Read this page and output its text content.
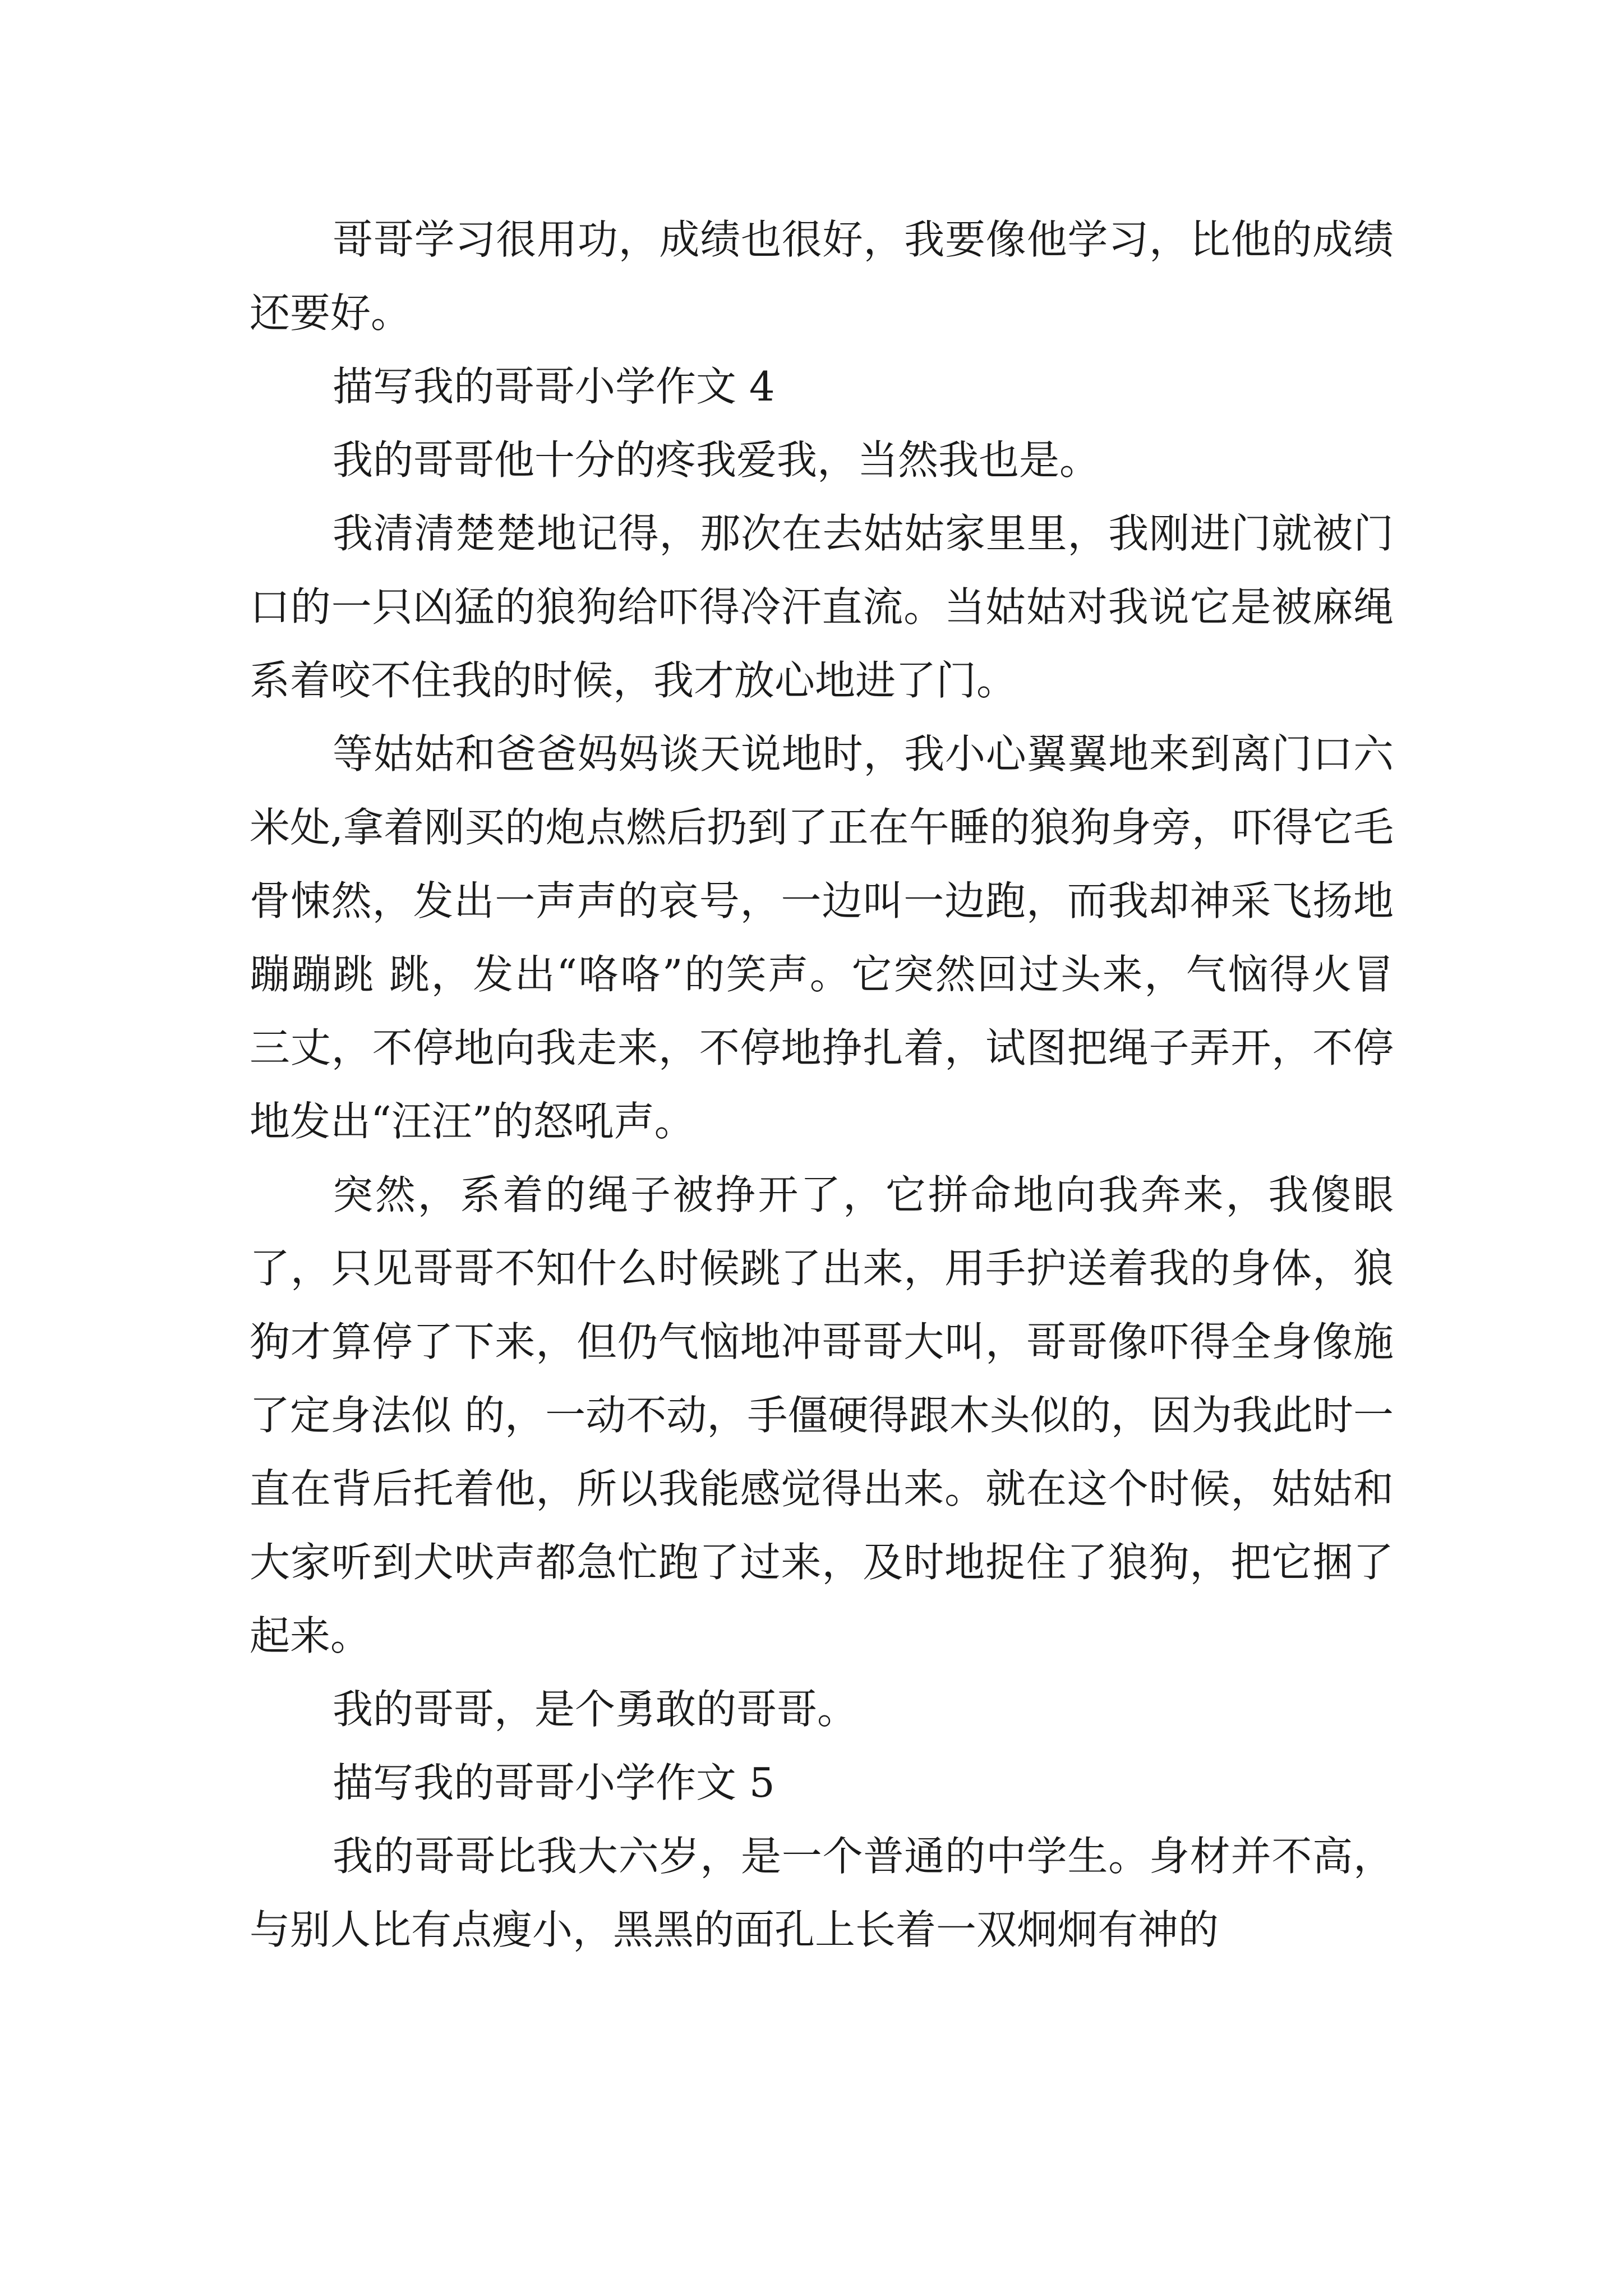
哥哥学习很用功，成绩也很好，我要像他学习，比他的成绩还要好。

描写我的哥哥小学作文 4

我的哥哥他十分的疼我爱我，当然我也是。

我清清楚楚地记得，那次在去姑姑家里里，我刚进门就被门口的一只凶猛的狼狗给吓得冷汗直流。当姑姑对我说它是被麻绳系着咬不住我的时候，我才放心地进了门。

等姑姑和爸爸妈妈谈天说地时，我小心翼翼地来到离门口六米处,拿着刚买的炮点燃后扔到了正在午睡的狼狗身旁，吓得它毛骨悚然，发出一声声的哀号，一边叫一边跑，而我却神采飞扬地蹦蹦跳 跳，发出“咯咯”的笑声。它突然回过头来，气恼得火冒三丈，不停地向我走来，不停地挣扎着，试图把绳子弄开，不停地发出“汪汪”的怒吼声。

突然，系着的绳子被挣开了，它拼命地向我奔来，我傻眼了，只见哥哥不知什么时候跳了出来，用手护送着我的身体，狼狗才算停了下来，但仍气恼地冲哥哥大叫，哥哥像吓得全身像施了定身法似 的，一动不动，手僵硬得跟木头似的，因为我此时一直在背后托着他，所以我能感觉得出来。就在这个时候，姑姑和大家听到犬吠声都急忙跑了过来，及时地捉住了狼狗，把它捆了起来。

我的哥哥，是个勇敢的哥哥。

描写我的哥哥小学作文 5

我的哥哥比我大六岁，是一个普通的中学生。身材并不高，与别人比有点瘦小，黑黑的面孔上长着一双炯炯有神的
